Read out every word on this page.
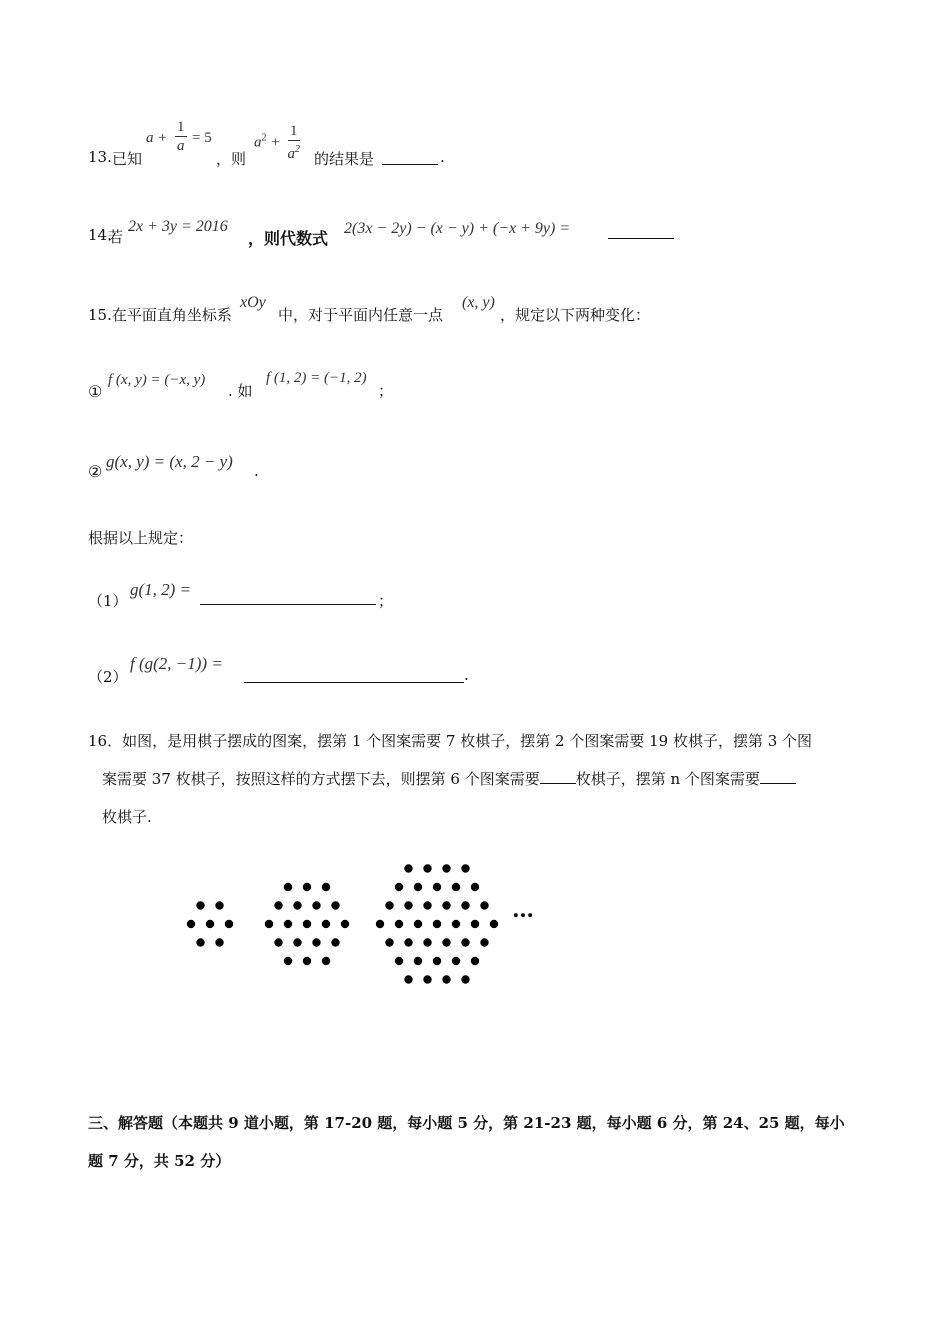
13. 已知
$a + \frac{1}{a} = 5$
，则
$a^2 + \frac{1}{a^2}$ 的结果是	.
14.
若
2x + 3y = 2016
，则代数式
2(3x − 2y) − (x − y) + (−x + 9y) =
15.在平面直角坐标系
xOy
中，对于平面内任意一点
(x, y)
，规定以下两种变化：
①
f (x, y) = (−x, y)
. 如
f (1, 2) = (−1, 2)
；
②
g(x, y) = (x, 2 − y) .
根据以上规定：
（1）
g(1, 2) =
；
（2）
f (g(2, −1)) =
.
16．如图，是用棋子摆成的图案，摆第 1 个图案需要 7 枚棋子，摆第 2 个图案需要 19 枚棋子，摆第 3 个图
案需要 37 枚棋子，按照这样的方式摆下去，则摆第 6 个图案需要 枚棋子，摆第 n 个图案需要
枚棋子.
…
三、解答题（本题共 9 道小题，第 17-20 题，每小题 5 分，第 21-23 题，每小题 6 分，第 24、25 题，每小
题 7 分，共 52 分）
